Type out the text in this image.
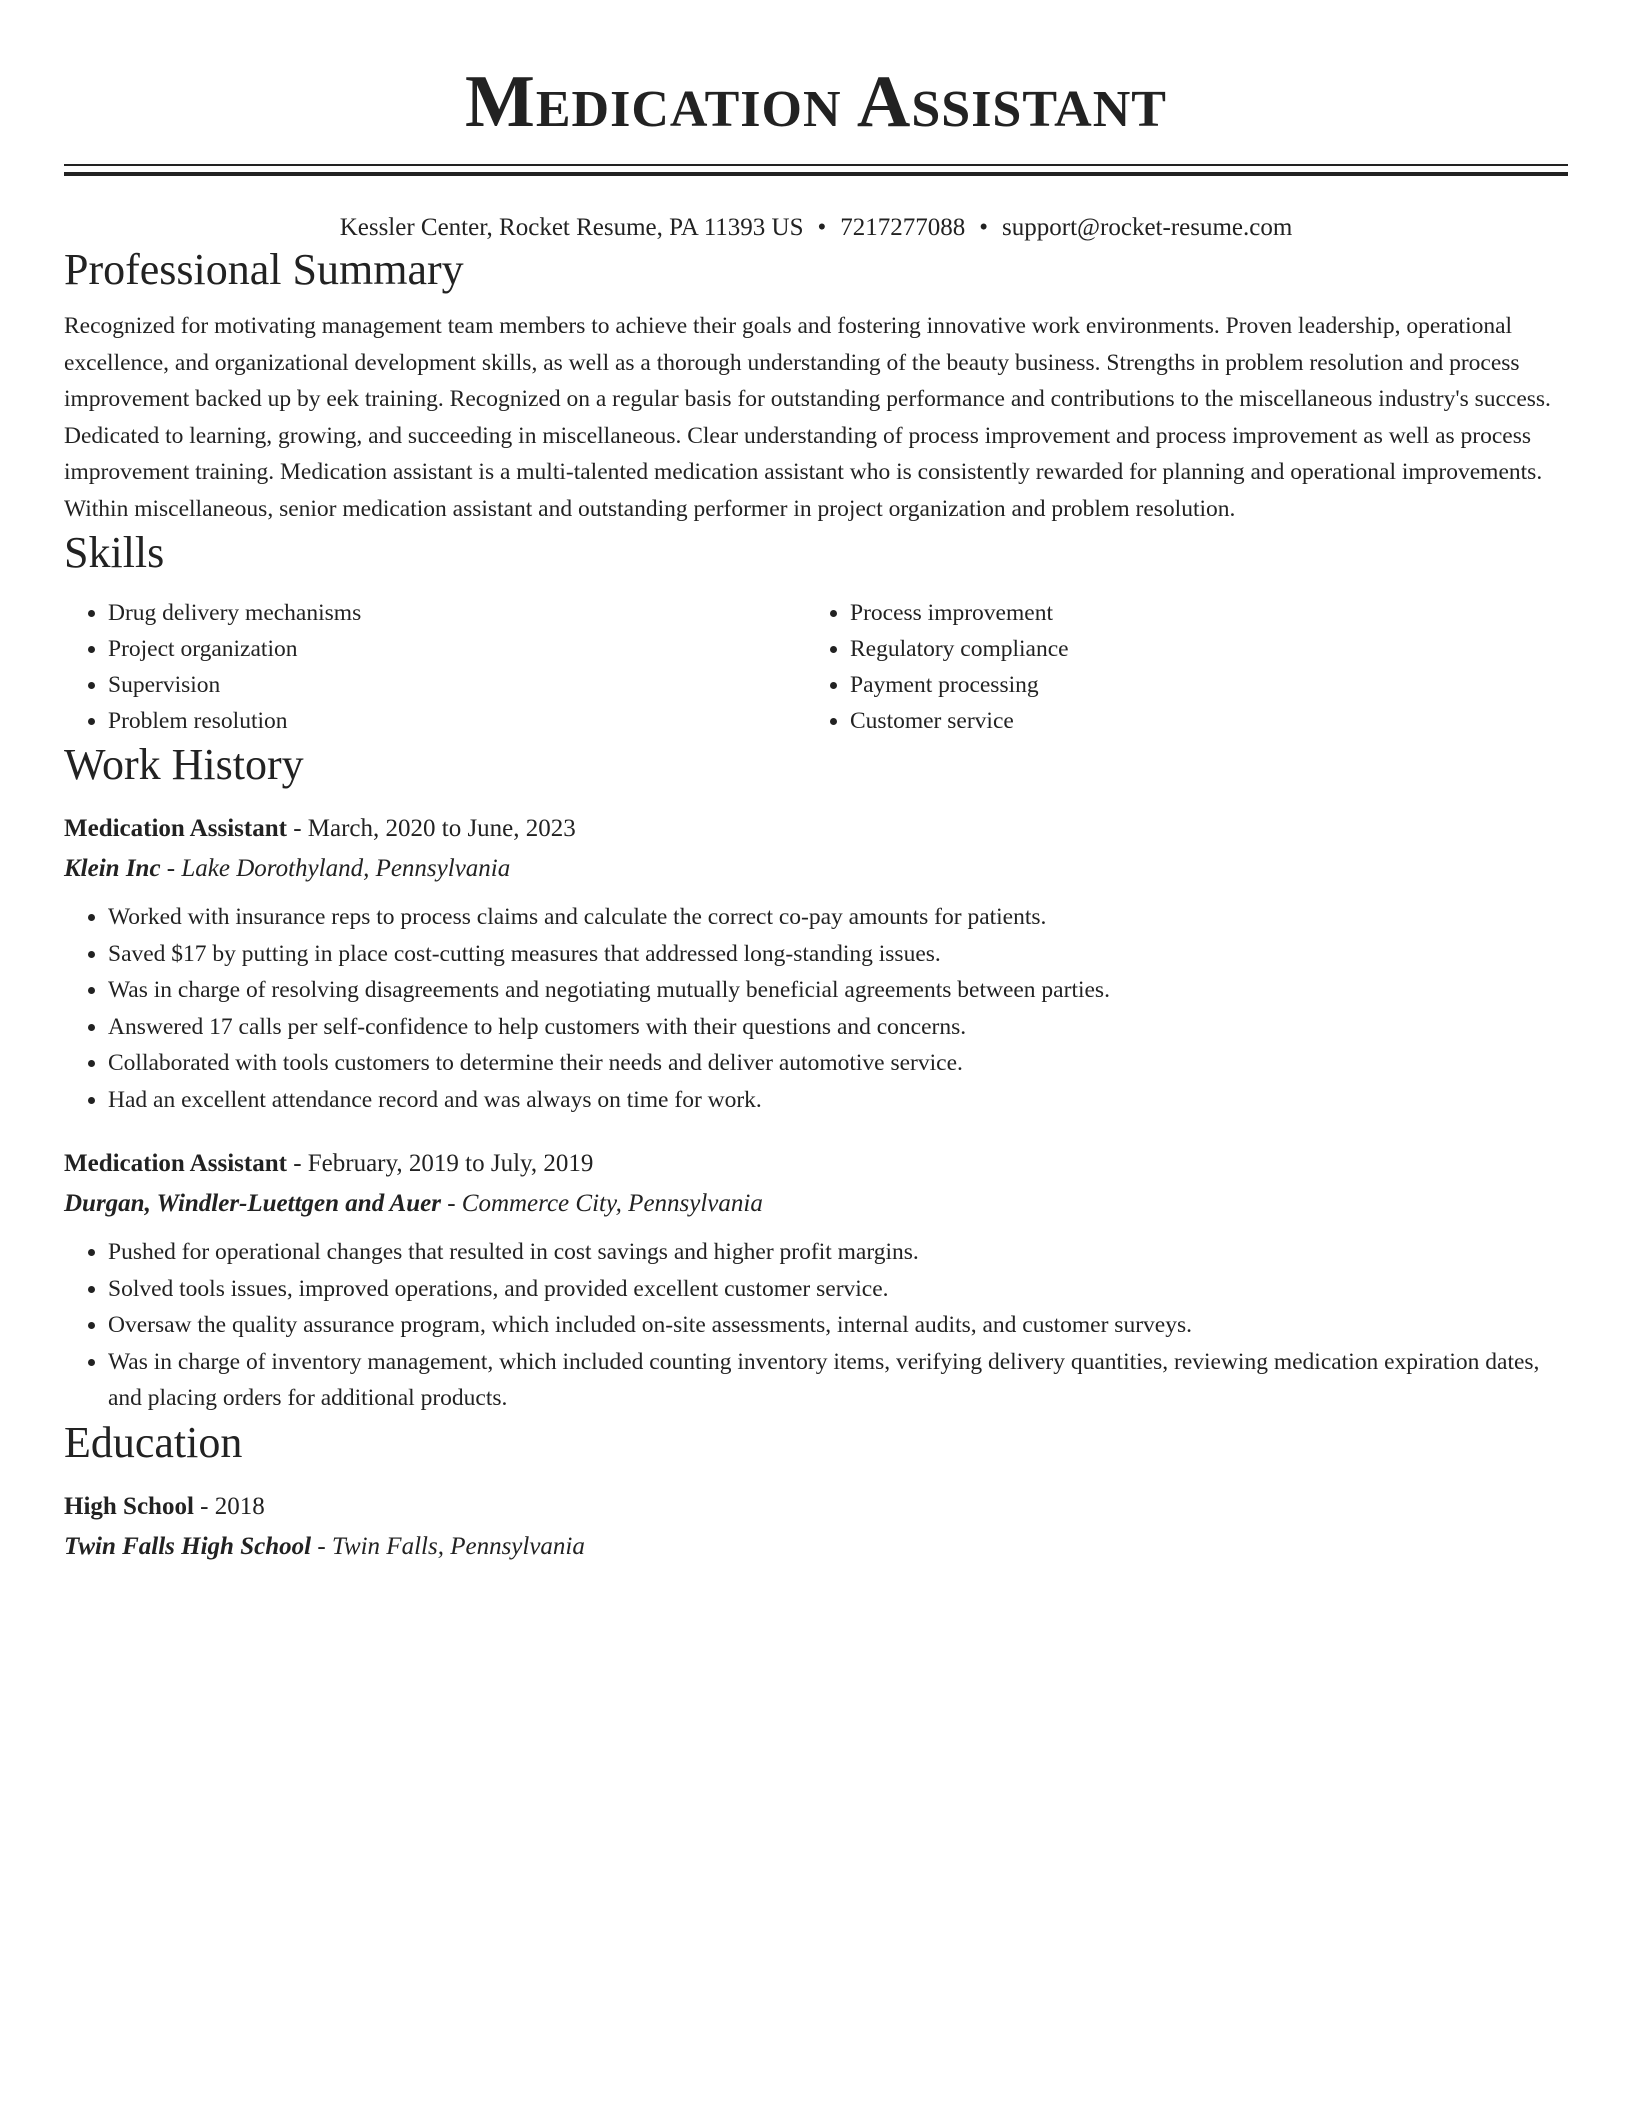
Medication Assistant
Kessler Center, Rocket Resume, PA 11393 US • 7217277088 • support@rocket-resume.com
Professional Summary

Recognized for motivating management team members to achieve their goals and fostering innovative work environments. Proven leadership, operational excellence, and organizational development skills, as well as a thorough understanding of the beauty business. Strengths in problem resolution and process improvement backed up by eek training. Recognized on a regular basis for outstanding performance and contributions to the miscellaneous industry's success. Dedicated to learning, growing, and succeeding in miscellaneous. Clear understanding of process improvement and process improvement as well as process improvement training. Medication assistant is a multi-talented medication assistant who is consistently rewarded for planning and operational improvements. Within miscellaneous, senior medication assistant and outstanding performer in project organization and problem resolution.

Skills
• Drug delivery mechanisms
• Project organization
• Supervision
• Problem resolution
• Process improvement
• Regulatory compliance
• Payment processing
• Customer service
Work History
Medication Assistant - March, 2020 to June, 2023
Klein Inc - Lake Dorothyland, Pennsylvania
• Worked with insurance reps to process claims and calculate the correct co-pay amounts for patients.
• Saved $17 by putting in place cost-cutting measures that addressed long-standing issues.
• Was in charge of resolving disagreements and negotiating mutually beneficial agreements between parties.
• Answered 17 calls per self-confidence to help customers with their questions and concerns.
• Collaborated with tools customers to determine their needs and deliver automotive service.
• Had an excellent attendance record and was always on time for work.
Medication Assistant - February, 2019 to July, 2019
Durgan, Windler-Luettgen and Auer - Commerce City, Pennsylvania
• Pushed for operational changes that resulted in cost savings and higher profit margins.
• Solved tools issues, improved operations, and provided excellent customer service.
• Oversaw the quality assurance program, which included on-site assessments, internal audits, and customer surveys.
• Was in charge of inventory management, which included counting inventory items, verifying delivery quantities, reviewing medication expiration dates, and placing orders for additional products.
Education
High School - 2018
Twin Falls High School - Twin Falls, Pennsylvania
